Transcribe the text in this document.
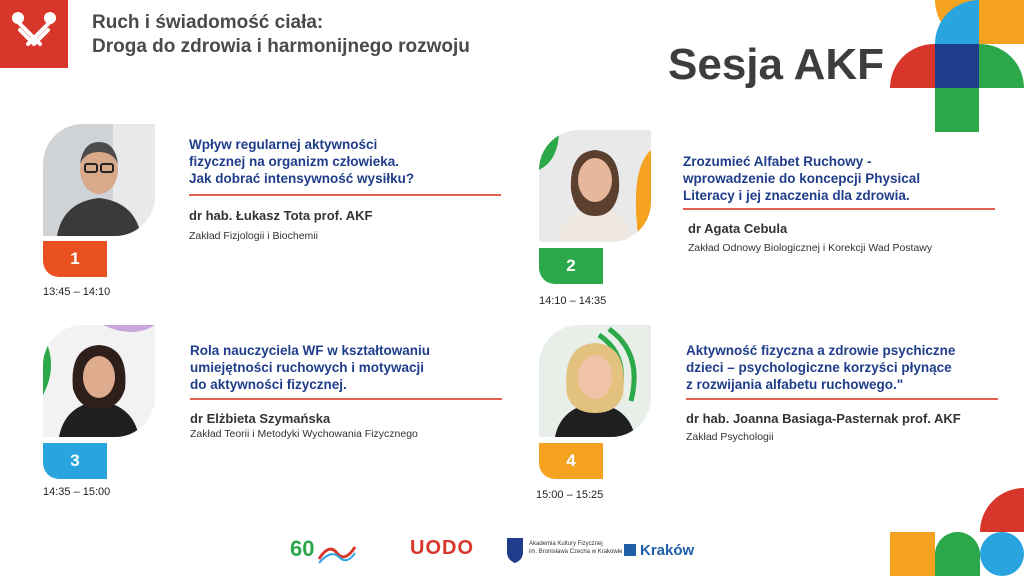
Ruch i świadomość ciała:
Droga do zdrowia i harmonijnego rozwoju	Sesja AKF
1
13:45 – 14:10
Wpływ regularnej aktywności
fizycznej na organizm człowieka.
Jak dobrać intensywność wysiłku?
dr hab. Łukasz Tota prof. AKF
Zakład Fizjologii i Biochemii
2
14:10 – 14:35
Zrozumieć Alfabet Ruchowy -
wprowadzenie do koncepcji Physical
Literacy i jej znaczenia dla zdrowia.
dr Agata Cebula
Zakład Odnowy Biologicznej i Korekcji Wad Postawy
3
14:35 – 15:00
Rola nauczyciela WF w kształtowaniu
umiejętności ruchowych i motywacji
do aktywności fizycznej.
dr Elżbieta Szymańska
Zakład Teorii i Metodyki Wychowania Fizycznego
4
15:00 – 15:25
Aktywność fizyczna a zdrowie psychiczne
dzieci – psychologiczne korzyści płynące
z rozwijania alfabetu ruchowego."
dr hab. Joanna Basiaga-Pasternak prof. AKF
Zakład Psychologii
60	UODO	Akademia Kultury Fizycznej
im. Bronisława Czecha w Krakowie	Kraków
